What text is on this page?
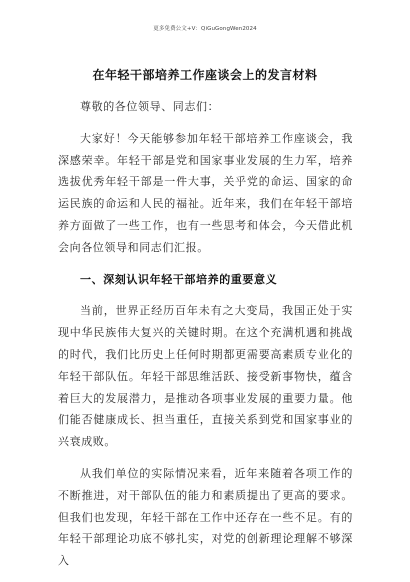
更多免费公文+V：QiGuGongWen2024
在年轻干部培养工作座谈会上的发言材料

尊敬的各位领导、同志们：

大家好！今天能够参加年轻干部培养工作座谈会，我深感荣幸。年轻干部是党和国家事业发展的生力军，培养选拔优秀年轻干部是一件大事，关乎党的命运、国家的命运民族的命运和人民的福祉。近年来，我们在年轻干部培养方面做了一些工作，也有一些思考和体会，今天借此机会向各位领导和同志们汇报。

一、深刻认识年轻干部培养的重要意义

当前，世界正经历百年未有之大变局，我国正处于实现中华民族伟大复兴的关键时期。在这个充满机遇和挑战的时代，我们比历史上任何时期都更需要高素质专业化的年轻干部队伍。年轻干部思维活跃、接受新事物快，蕴含着巨大的发展潜力，是推动各项事业发展的重要力量。他们能否健康成长、担当重任，直接关系到党和国家事业的兴衰成败。

从我们单位的实际情况来看，近年来随着各项工作的不断推进，对干部队伍的能力和素质提出了更高的要求。但我们也发现，年轻干部在工作中还存在一些不足。有的年轻干部理论功底不够扎实，对党的创新理论理解不够深入
